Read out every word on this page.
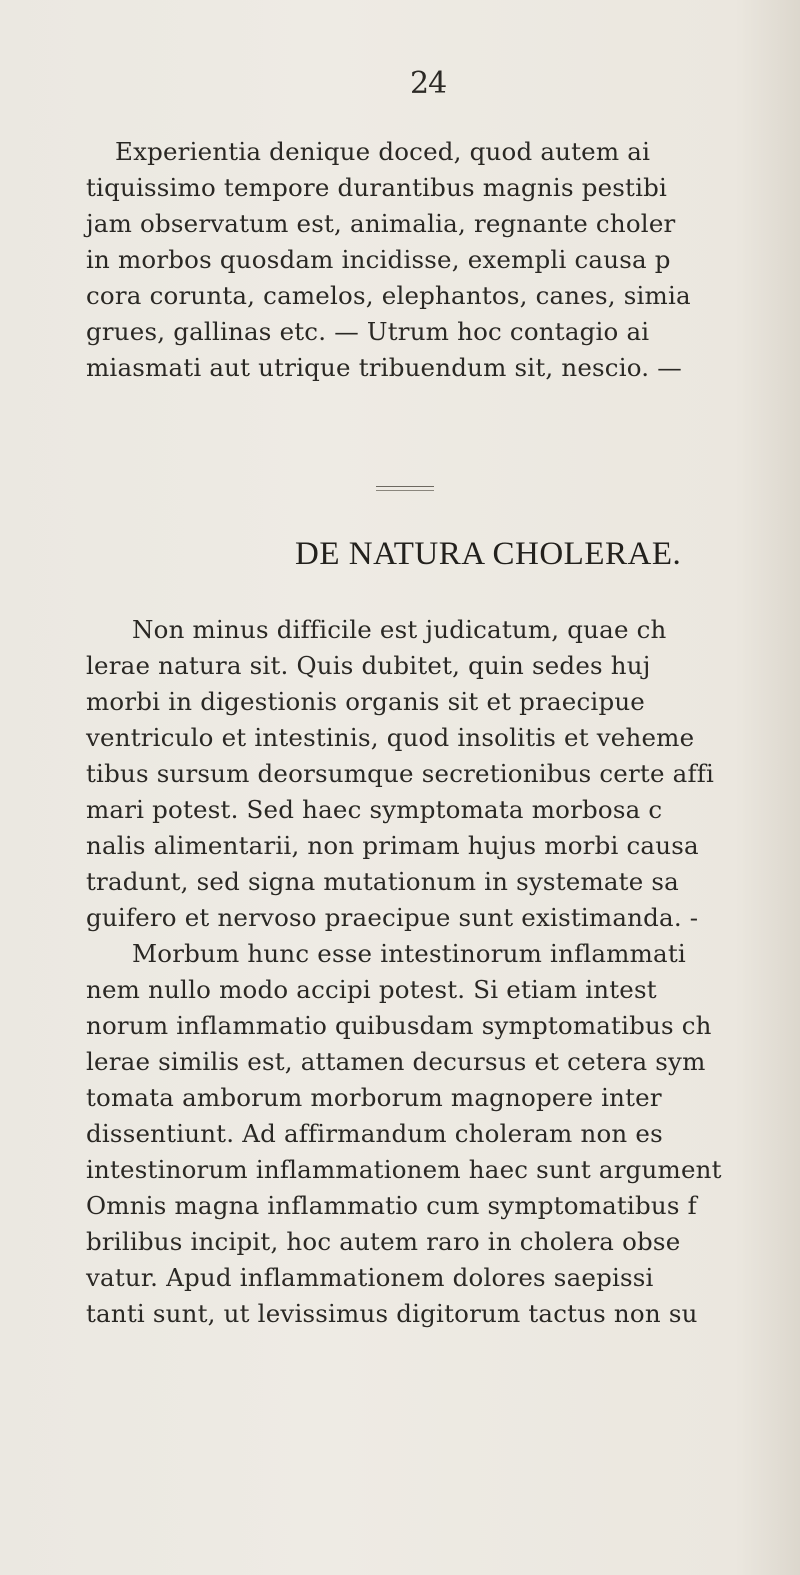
24
Experientia denique doced, quod autem ai
tiquissimo tempore durantibus magnis pestibi
jam observatum est, animalia, regnante choler
in morbos quosdam incidisse, exempli causa p
cora corunta, camelos, elephantos, canes, simia
grues, gallinas etc. — Utrum hoc contagio ai
miasmati aut utrique tribuendum sit, nescio. —
DE NATURA CHOLERAE.
Non minus difficile est judicatum, quae ch
lerae natura sit. Quis dubitet, quin sedes huj
morbi in digestionis organis sit et praecipue
ventriculo et intestinis, quod insolitis et veheme
tibus sursum deorsumque secretionibus certe affi
mari potest. Sed haec symptomata morbosa c
nalis alimentarii, non primam hujus morbi causa
tradunt, sed signa mutationum in systemate sa
guifero et nervoso praecipue sunt existimanda. -
Morbum hunc esse intestinorum inflammati
nem nullo modo accipi potest. Si etiam intest
norum inflammatio quibusdam symptomatibus ch
lerae similis est, attamen decursus et cetera sym
tomata amborum morborum magnopere inter
dissentiunt. Ad affirmandum choleram non es
intestinorum inflammationem haec sunt argument
Omnis magna inflammatio cum symptomatibus f
brilibus incipit, hoc autem raro in cholera obse
vatur. Apud inflammationem dolores saepissi
tanti sunt, ut levissimus digitorum tactus non su
